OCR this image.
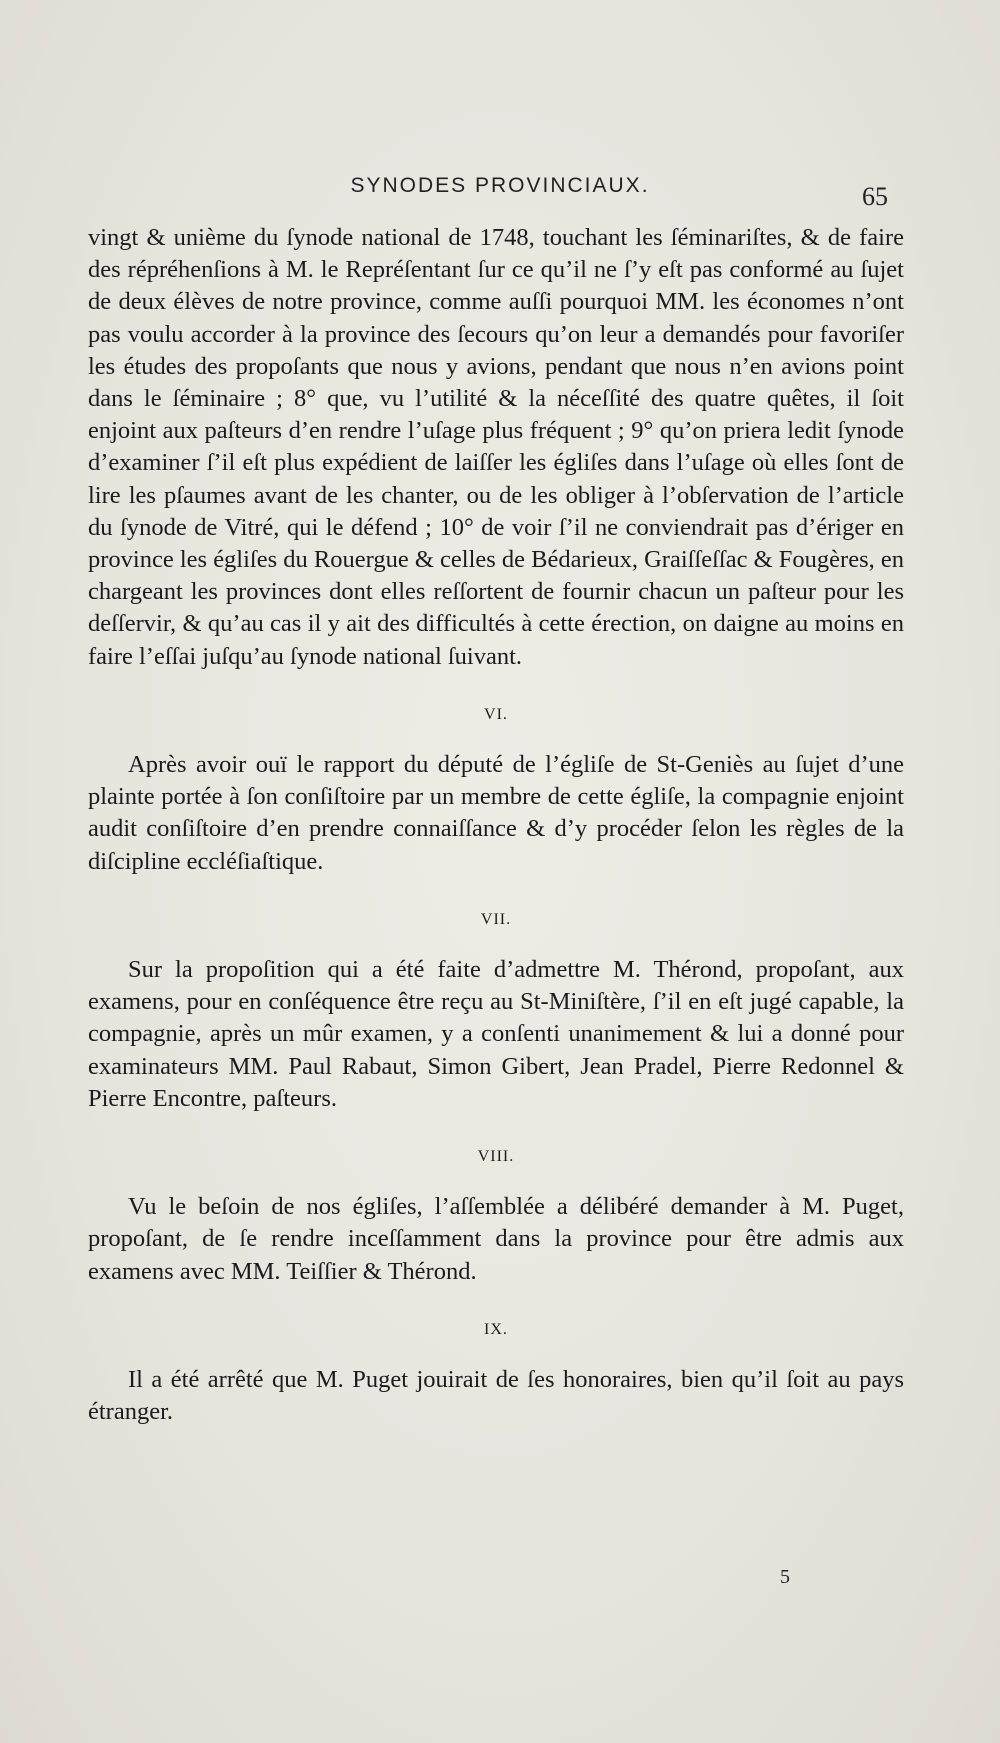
SYNODES PROVINCIAUX.	65

vingt & unième du ſynode national de 1748, touchant les ſéminariſtes, & de faire des répréhenſions à M. le Repréſentant ſur ce qu’il ne ſ’y eſt pas conformé au ſujet de deux élèves de notre province, comme auſſi pourquoi MM. les économes n’ont pas voulu accorder à la province des ſecours qu’on leur a demandés pour favoriſer les études des propoſants que nous y avions, pendant que nous n’en avions point dans le ſéminaire ; 8° que, vu l’utilité & la néceſſité des quatre quêtes, il ſoit enjoint aux paſteurs d’en rendre l’uſage plus fréquent ; 9° qu’on priera ledit ſynode d’examiner ſ’il eſt plus expédient de laiſſer les égliſes dans l’uſage où elles ſont de lire les pſaumes avant de les chanter, ou de les obliger à l’obſervation de l’article du ſynode de Vitré, qui le défend ; 10° de voir ſ’il ne conviendrait pas d’ériger en province les égliſes du Rouergue & celles de Bédarieux, Graiſſeſſac & Fougères, en chargeant les provinces dont elles reſſortent de fournir chacun un paſteur pour les deſſervir, & qu’au cas il y ait des difficultés à cette érection, on daigne au moins en faire l’eſſai juſqu’au ſynode national ſuivant.

VI.

Après avoir ouï le rapport du député de l’égliſe de St-Geniès au ſujet d’une plainte portée à ſon conſiſtoire par un membre de cette égliſe, la compagnie enjoint audit conſiſtoire d’en prendre connaiſſance & d’y procéder ſelon les règles de la diſcipline eccléſiaſtique.

VII.

Sur la propoſition qui a été faite d’admettre M. Thérond, propoſant, aux examens, pour en conſéquence être reçu au St-Miniſtère, ſ’il en eſt jugé capable, la compagnie, après un mûr examen, y a conſenti unanimement & lui a donné pour examinateurs MM. Paul Rabaut, Simon Gibert, Jean Pradel, Pierre Redonnel & Pierre Encontre, paſteurs.

VIII.

Vu le beſoin de nos égliſes, l’aſſemblée a délibéré demander à M. Puget, propoſant, de ſe rendre inceſſamment dans la province pour être admis aux examens avec MM. Teiſſier & Thérond.

IX.

Il a été arrêté que M. Puget jouirait de ſes honoraires, bien qu’il ſoit au pays étranger.

5
